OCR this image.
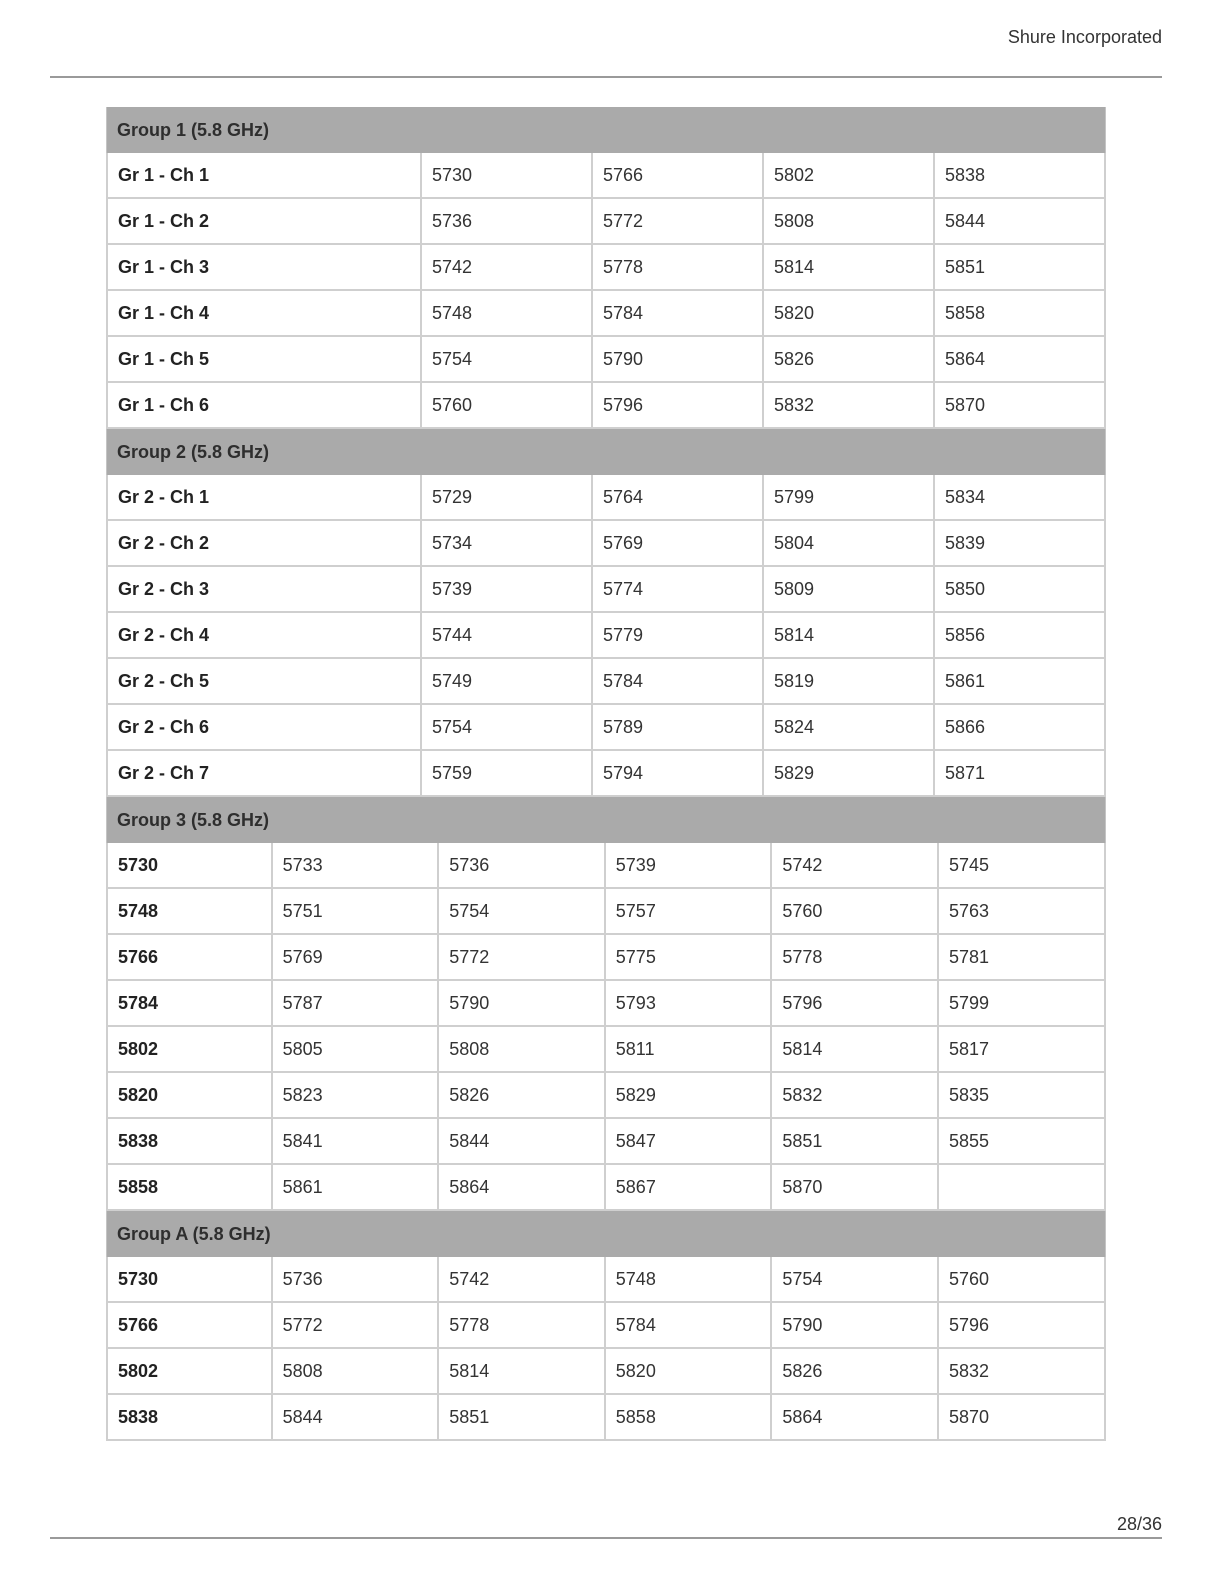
Shure Incorporated
Group 1 (5.8 GHz)
Gr 1 - Ch 1	5730	5766	5802	5838
Gr 1 - Ch 2	5736	5772	5808	5844
Gr 1 - Ch 3	5742	5778	5814	5851
Gr 1 - Ch 4	5748	5784	5820	5858
Gr 1 - Ch 5	5754	5790	5826	5864
Gr 1 - Ch 6	5760	5796	5832	5870
Group 2 (5.8 GHz)
Gr 2 - Ch 1	5729	5764	5799	5834
Gr 2 - Ch 2	5734	5769	5804	5839
Gr 2 - Ch 3	5739	5774	5809	5850
Gr 2 - Ch 4	5744	5779	5814	5856
Gr 2 - Ch 5	5749	5784	5819	5861
Gr 2 - Ch 6	5754	5789	5824	5866
Gr 2 - Ch 7	5759	5794	5829	5871
Group 3 (5.8 GHz)
5730	5733	5736	5739	5742	5745
5748	5751	5754	5757	5760	5763
5766	5769	5772	5775	5778	5781
5784	5787	5790	5793	5796	5799
5802	5805	5808	5811	5814	5817
5820	5823	5826	5829	5832	5835
5838	5841	5844	5847	5851	5855
5858	5861	5864	5867	5870
Group A (5.8 GHz)
5730	5736	5742	5748	5754	5760
5766	5772	5778	5784	5790	5796
5802	5808	5814	5820	5826	5832
5838	5844	5851	5858	5864	5870
28/36
